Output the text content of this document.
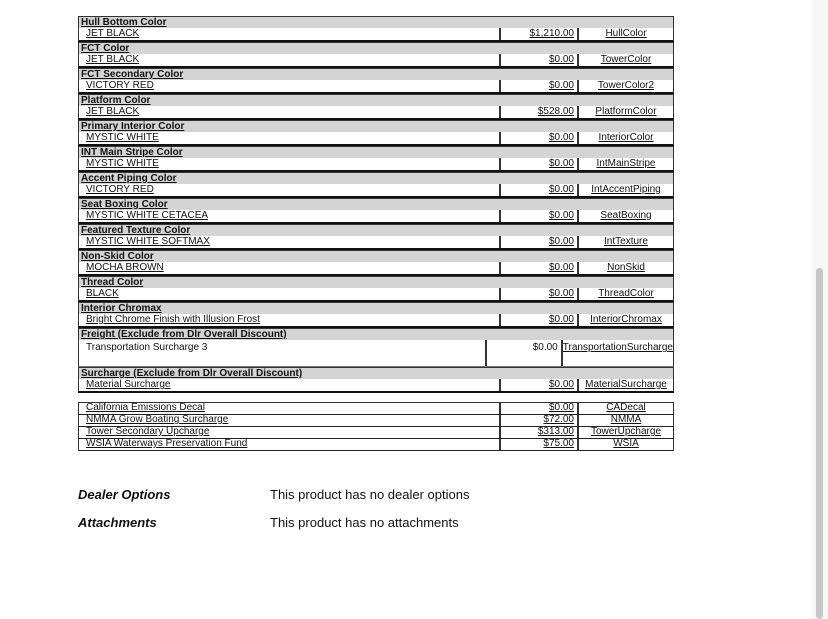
Hull Bottom Color
JET BLACK	$1,210.00	HullColor
FCT Color
JET BLACK	$0.00	TowerColor
FCT Secondary Color
VICTORY RED	$0.00	TowerColor2
Platform Color
JET BLACK	$528.00	PlatformColor
Primary Interior Color
MYSTIC WHITE	$0.00	InteriorColor
INT Main Stripe Color
MYSTIC WHITE	$0.00	IntMainStripe
Accent Piping Color
VICTORY RED	$0.00	IntAccentPiping
Seat Boxing Color
MYSTIC WHITE CETACEA	$0.00	SeatBoxing
Featured Texture Color
MYSTIC WHITE SOFTMAX	$0.00	IntTexture
Non-Skid Color
MOCHA BROWN	$0.00	NonSkid
Thread Color
BLACK	$0.00	ThreadColor
Interior Chromax
Bright Chrome Finish with Illusion Frost	$0.00	InteriorChromax
Freight (Exclude from Dlr Overall Discount)
Transportation Surcharge 3	$0.00 TransportationSurcharge
Surcharge (Exclude from Dlr Overall Discount)
Material Surcharge	$0.00	MaterialSurcharge
California Emissions Decal	$0.00	CADecal
NMMA Grow Boating Surcharge	$72.00	NMMA
Tower Secondary Upcharge	$313.00	TowerUpcharge
WSIA Waterways Preservation Fund	$75.00	WSIA
Dealer Options	This product has no dealer options
Attachments	This product has no attachments
